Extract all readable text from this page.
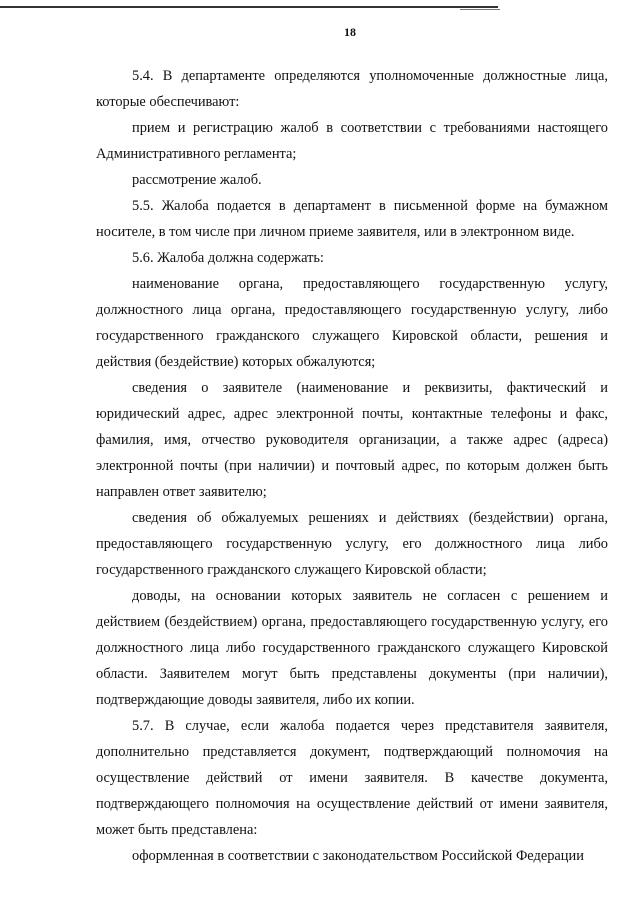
18

5.4. В департаменте определяются уполномоченные должностные лица, которые обеспечивают:

прием и регистрацию жалоб в соответствии с требованиями настоящего Административного регламента;

рассмотрение жалоб.

5.5. Жалоба подается в департамент в письменной форме на бумажном носителе, в том числе при личном приеме заявителя, или в электронном виде.

5.6. Жалоба должна содержать:

наименование органа, предоставляющего государственную услугу, должностного лица органа, предоставляющего государственную услугу, либо государственного гражданского служащего Кировской области, решения и действия (бездействие) которых обжалуются;

сведения о заявителе (наименование и реквизиты, фактический и юридический адрес, адрес электронной почты, контактные телефоны и факс, фамилия, имя, отчество руководителя организации, а также адрес (адреса) электронной почты (при наличии) и почтовый адрес, по которым должен быть направлен ответ заявителю;

сведения об обжалуемых решениях и действиях (бездействии) органа, предоставляющего государственную услугу, его должностного лица либо государственного гражданского служащего Кировской области;

доводы, на основании которых заявитель не согласен с решением и действием (бездействием) органа, предоставляющего государственную услугу, его должностного лица либо государственного гражданского служащего Кировской области. Заявителем могут быть представлены документы (при наличии), подтверждающие доводы заявителя, либо их копии.

5.7. В случае, если жалоба подается через представителя заявителя, дополнительно представляется документ, подтверждающий полномочия на осуществление действий от имени заявителя. В качестве документа, подтверждающего полномочия на осуществление действий от имени заявителя, может быть представлена:

оформленная в соответствии с законодательством Российской Федерации
